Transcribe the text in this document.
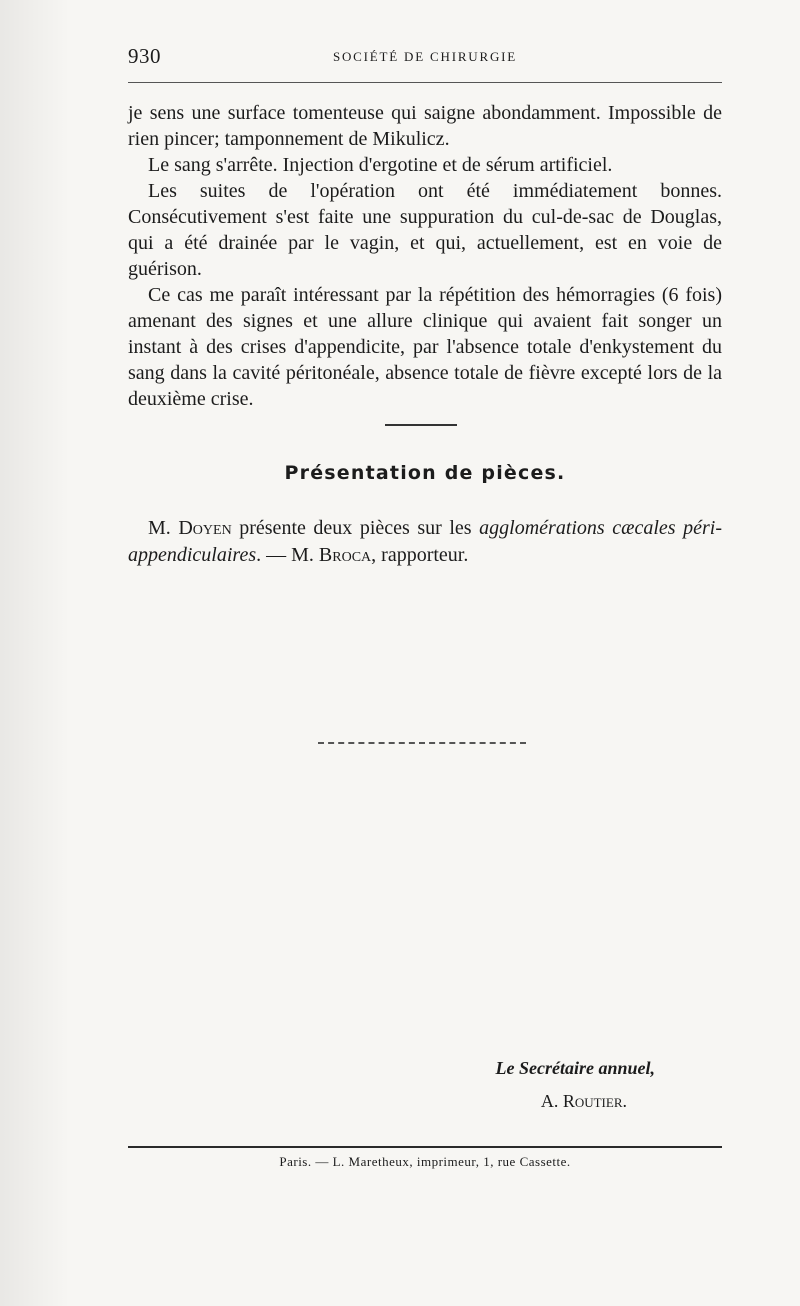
930	SOCIÉTÉ DE CHIRURGIE

je sens une surface tomenteuse qui saigne abondamment. Impossible de rien pincer; tamponnement de Mikulicz.

Le sang s'arrête. Injection d'ergotine et de sérum artificiel.

Les suites de l'opération ont été immédiatement bonnes. Consécutivement s'est faite une suppuration du cul-de-sac de Douglas, qui a été drainée par le vagin, et qui, actuellement, est en voie de guérison.

Ce cas me paraît intéressant par la répétition des hémorragies (6 fois) amenant des signes et une allure clinique qui avaient fait songer un instant à des crises d'appendicite, par l'absence totale d'enkystement du sang dans la cavité péritonéale, absence totale de fièvre excepté lors de la deuxième crise.

Présentation de pièces.

M. Doyen présente deux pièces sur les agglomérations cæcales péri-appendiculaires. — M. Broca, rapporteur.

Le Secrétaire annuel,
A. Routier.
Paris. — L. Maretheux, imprimeur, 1, rue Cassette.
